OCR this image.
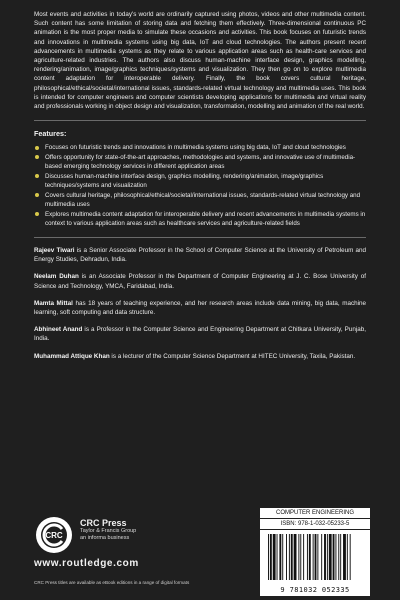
Most events and activities in today's world are ordinarily captured using photos, videos and other multimedia content. Such content has some limitation of storing data and fetching them effectively. Three-dimensional continuous PC animation is the most proper media to simulate these occasions and activities. This book focuses on futuristic trends and innovations in multimedia systems using big data, IoT and cloud technologies. The authors present recent advancements in multimedia systems as they relate to various application areas such as health-care services and agriculture-related industries. The authors also discuss human-machine interface design, graphics modelling, rendering/animation, image/graphics techniques/systems and visualization. They then go on to explore multimedia content adaptation for interoperable delivery. Finally, the book covers cultural heritage, philosophical/ethical/societal/international issues, standards-related virtual technology and multimedia uses. This book is intended for computer engineers and computer scientists developing applications for multimedia and virtual reality and professionals working in object design and visualization, transformation, modelling and animation of the real world.

Features:

Focuses on futuristic trends and innovations in multimedia systems using big data, IoT and cloud technologies
Offers opportunity for state-of-the-art approaches, methodologies and systems, and innovative use of multimedia-based emerging technology services in different application areas
Discusses human-machine interface design, graphics modelling, rendering/animation, image/graphics techniques/systems and visualization
Covers cultural heritage, philosophical/ethical/societal/international issues, standards-related virtual technology and multimedia uses
Explores multimedia content adaptation for interoperable delivery and recent advancements in multimedia systems in context to various application areas such as healthcare services and agriculture-related fields

Rajeev Tiwari is a Senior Associate Professor in the School of Computer Science at the University of Petroleum and Energy Studies, Dehradun, India.

Neelam Duhan is an Associate Professor in the Department of Computer Engineering at J. C. Bose University of Science and Technology, YMCA, Faridabad, India.

Mamta Mittal has 18 years of teaching experience, and her research areas include data mining, big data, machine learning, soft computing and data structure.

Abhineet Anand is a Professor in the Computer Science and Engineering Department at Chitkara University, Punjab, India.

Muhammad Attique Khan is a lecturer of the Computer Science Department at HITEC University, Taxila, Pakistan.

CRC
CRC Press
Taylor & Francis Group
an informa business
www.routledge.com
CRC Press titles are available as eBook editions in a range of digital formats
COMPUTER ENGINEERING
ISBN: 978-1-032-05233-5
9 781032 052335
